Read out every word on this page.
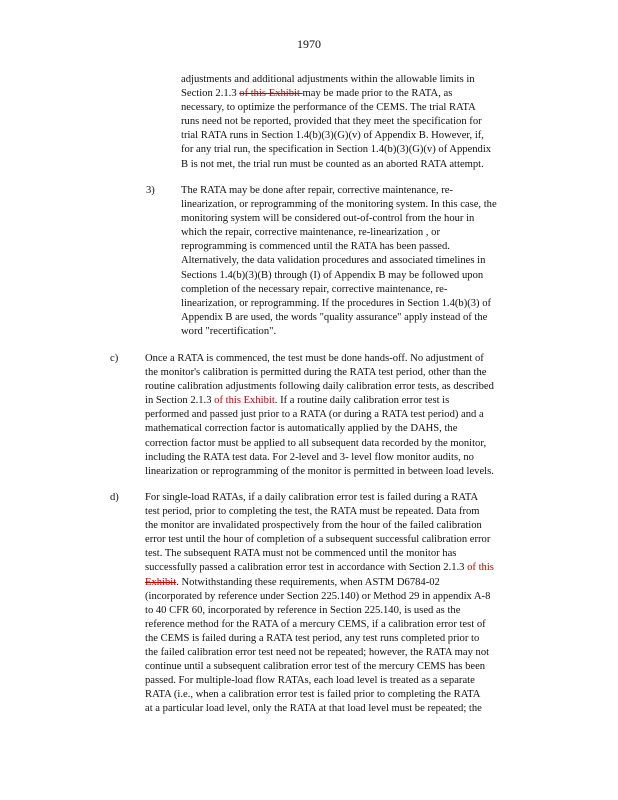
1970
adjustments and additional adjustments within the allowable limits in
Section 2.1.3 of this Exhibit may be made prior to the RATA, as
necessary, to optimize the performance of the CEMS. The trial RATA
runs need not be reported, provided that they meet the specification for
trial RATA runs in Section 1.4(b)(3)(G)(v) of Appendix B. However, if,
for any trial run, the specification in Section 1.4(b)(3)(G)(v) of Appendix
B is not met, the trial run must be counted as an aborted RATA attempt.
3) The RATA may be done after repair, corrective maintenance, re-
linearization, or reprogramming of the monitoring system. In this case, the
monitoring system will be considered out-of-control from the hour in
which the repair, corrective maintenance, re-linearization , or
reprogramming is commenced until the RATA has been passed.
Alternatively, the data validation procedures and associated timelines in
Sections 1.4(b)(3)(B) through (I) of Appendix B may be followed upon
completion of the necessary repair, corrective maintenance, re-
linearization, or reprogramming. If the procedures in Section 1.4(b)(3) of
Appendix B are used, the words "quality assurance" apply instead of the
word "recertification".
c)	Once a RATA is commenced, the test must be done hands-off. No adjustment of
the monitor's calibration is permitted during the RATA test period, other than the
routine calibration adjustments following daily calibration error tests, as described
in Section 2.1.3 of this Exhibit. If a routine daily calibration error test is
performed and passed just prior to a RATA (or during a RATA test period) and a
mathematical correction factor is automatically applied by the DAHS, the
correction factor must be applied to all subsequent data recorded by the monitor,
including the RATA test data. For 2-level and 3- level flow monitor audits, no
linearization or reprogramming of the monitor is permitted in between load levels.
d) For single-load RATAs, if a daily calibration error test is failed during a RATA
test period, prior to completing the test, the RATA must be repeated. Data from
the monitor are invalidated prospectively from the hour of the failed calibration
error test until the hour of completion of a subsequent successful calibration error
test. The subsequent RATA must not be commenced until the monitor has
successfully passed a calibration error test in accordance with Section 2.1.3 of this
Exhibit. Notwithstanding these requirements, when ASTM D6784-02
(incorporated by reference under Section 225.140) or Method 29 in appendix A-8
to 40 CFR 60, incorporated by reference in Section 225.140, is used as the
reference method for the RATA of a mercury CEMS, if a calibration error test of
the CEMS is failed during a RATA test period, any test runs completed prior to
the failed calibration error test need not be repeated; however, the RATA may not
continue until a subsequent calibration error test of the mercury CEMS has been
passed. For multiple-load flow RATAs, each load level is treated as a separate
RATA (i.e., when a calibration error test is failed prior to completing the RATA
at a particular load level, only the RATA at that load level must be repeated; the
